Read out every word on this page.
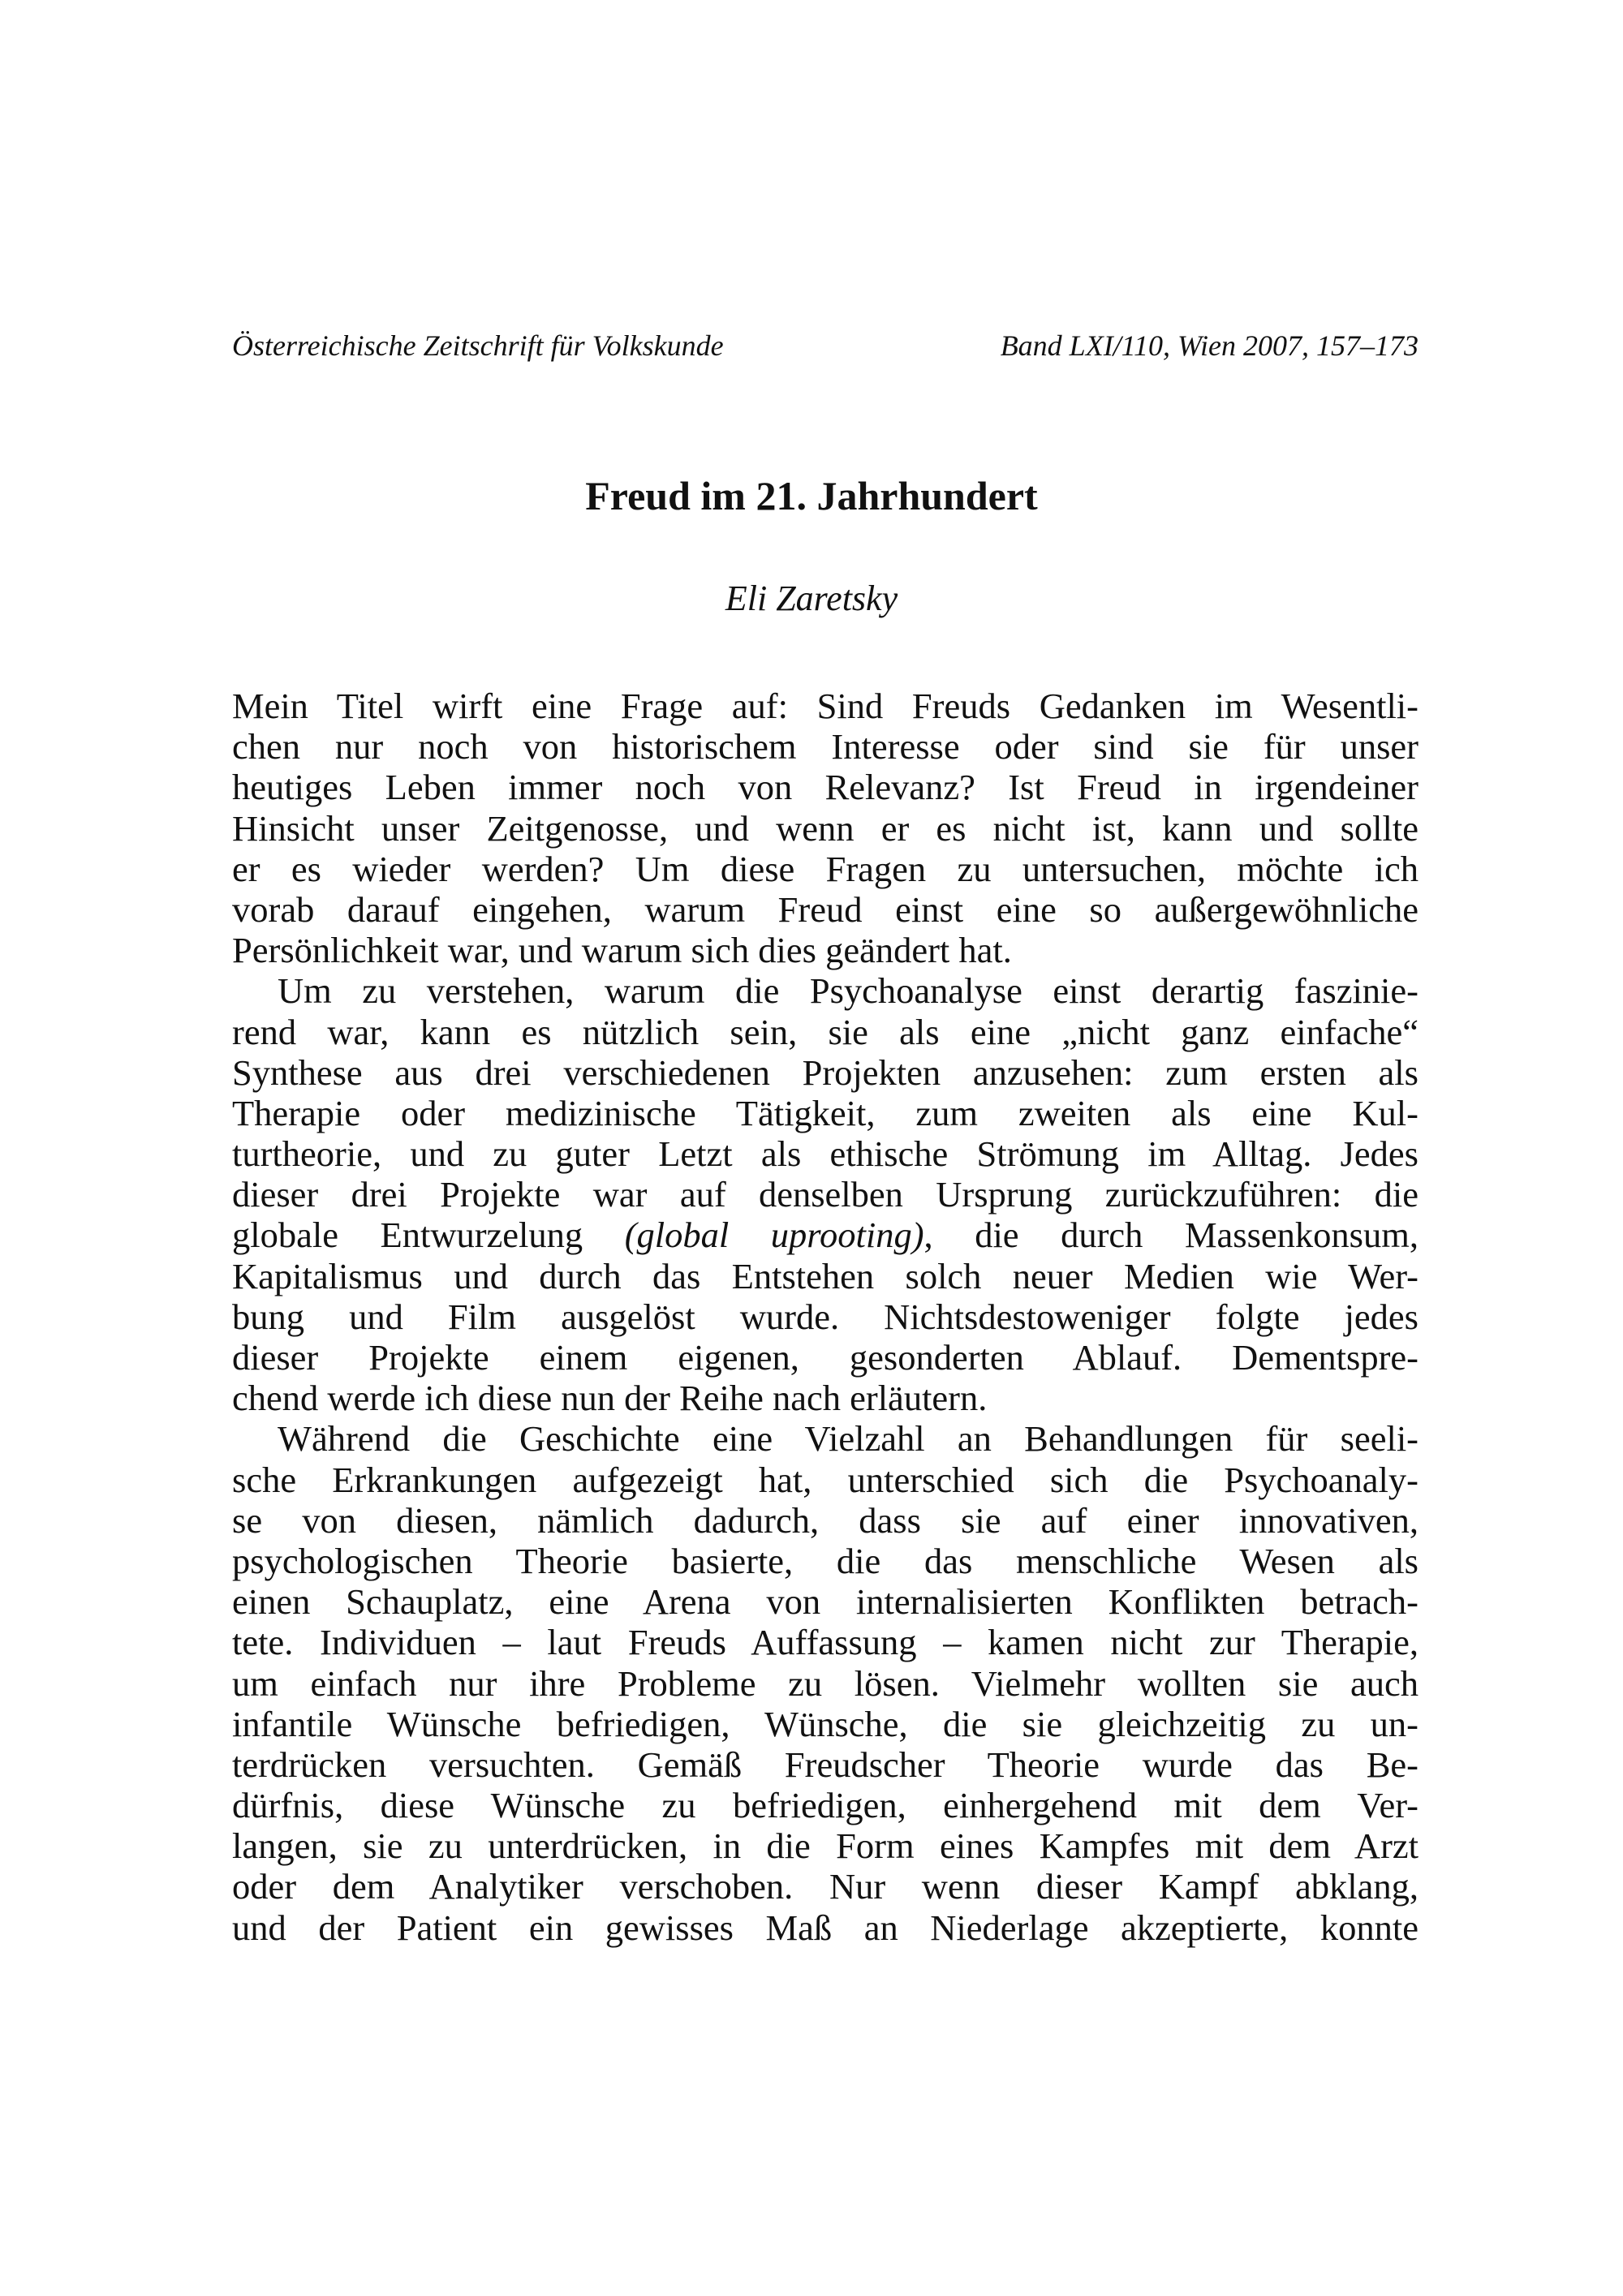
Österreichische Zeitschrift für Volkskunde	Band LXI/110, Wien 2007, 157–173
Freud im 21. Jahrhundert
Eli Zaretsky
Mein Titel wirft eine Frage auf: Sind Freuds Gedanken im Wesentli-
chen nur noch von historischem Interesse oder sind sie für unser
heutiges Leben immer noch von Relevanz? Ist Freud in irgendeiner
Hinsicht unser Zeitgenosse, und wenn er es nicht ist, kann und sollte
er es wieder werden? Um diese Fragen zu untersuchen, möchte ich
vorab darauf eingehen, warum Freud einst eine so außergewöhnliche
Persönlichkeit war, und warum sich dies geändert hat.
Um zu verstehen, warum die Psychoanalyse einst derartig faszinie-
rend war, kann es nützlich sein, sie als eine „nicht ganz einfache“
Synthese aus drei verschiedenen Projekten anzusehen: zum ersten als
Therapie oder medizinische Tätigkeit, zum zweiten als eine Kul-
turtheorie, und zu guter Letzt als ethische Strömung im Alltag. Jedes
dieser drei Projekte war auf denselben Ursprung zurückzuführen: die
globale Entwurzelung (global uprooting), die durch Massenkonsum,
Kapitalismus und durch das Entstehen solch neuer Medien wie Wer-
bung und Film ausgelöst wurde. Nichtsdestoweniger folgte jedes
dieser Projekte einem eigenen, gesonderten Ablauf. Dementspre-
chend werde ich diese nun der Reihe nach erläutern.
Während die Geschichte eine Vielzahl an Behandlungen für seeli-
sche Erkrankungen aufgezeigt hat, unterschied sich die Psychoanaly-
se von diesen, nämlich dadurch, dass sie auf einer innovativen,
psychologischen Theorie basierte, die das menschliche Wesen als
einen Schauplatz, eine Arena von internalisierten Konflikten betrach-
tete. Individuen – laut Freuds Auffassung – kamen nicht zur Therapie,
um einfach nur ihre Probleme zu lösen. Vielmehr wollten sie auch
infantile Wünsche befriedigen, Wünsche, die sie gleichzeitig zu un-
terdrücken versuchten. Gemäß Freudscher Theorie wurde das Be-
dürfnis, diese Wünsche zu befriedigen, einhergehend mit dem Ver-
langen, sie zu unterdrücken, in die Form eines Kampfes mit dem Arzt
oder dem Analytiker verschoben. Nur wenn dieser Kampf abklang,
und der Patient ein gewisses Maß an Niederlage akzeptierte, konnte
